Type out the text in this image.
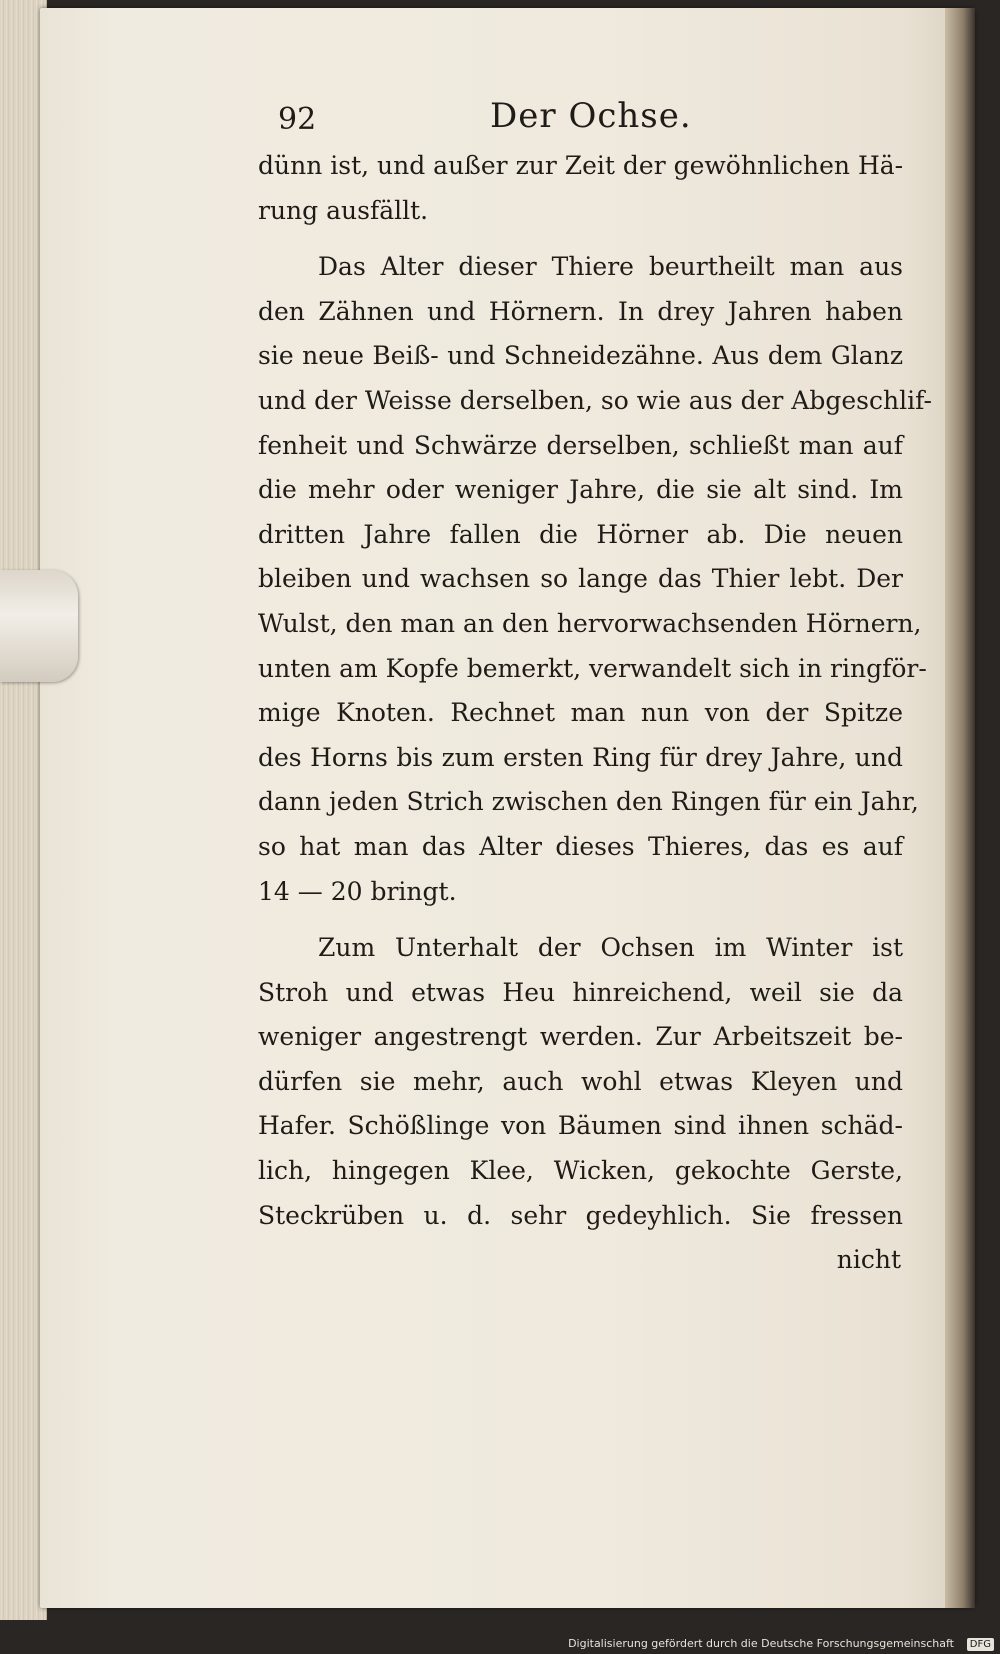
92	Der Ochse.

dünn ist, und außer zur Zeit der gewöhnlichen Hä-
rung ausfällt.

Das Alter dieser Thiere beurtheilt man aus
den Zähnen und Hörnern. In drey Jahren haben
sie neue Beiß- und Schneidezähne. Aus dem Glanz
und der Weisse derselben, so wie aus der Abgeschlif-
fenheit und Schwärze derselben, schließt man auf
die mehr oder weniger Jahre, die sie alt sind. Im
dritten Jahre fallen die Hörner ab. Die neuen
bleiben und wachsen so lange das Thier lebt. Der
Wulst, den man an den hervorwachsenden Hörnern,
unten am Kopfe bemerkt, verwandelt sich in ringför-
mige Knoten. Rechnet man nun von der Spitze
des Horns bis zum ersten Ring für drey Jahre, und
dann jeden Strich zwischen den Ringen für ein Jahr,
so hat man das Alter dieses Thieres, das es auf
14 — 20 bringt.

Zum Unterhalt der Ochsen im Winter ist
Stroh und etwas Heu hinreichend, weil sie da
weniger angestrengt werden. Zur Arbeitszeit be-
dürfen sie mehr, auch wohl etwas Kleyen und
Hafer. Schößlinge von Bäumen sind ihnen schäd-
lich, hingegen Klee, Wicken, gekochte Gerste,
Steckrüben u. d. sehr gedeyhlich. Sie fressen

nicht
Digitalisierung gefördert durch die Deutsche Forschungsgemeinschaft	DFG
